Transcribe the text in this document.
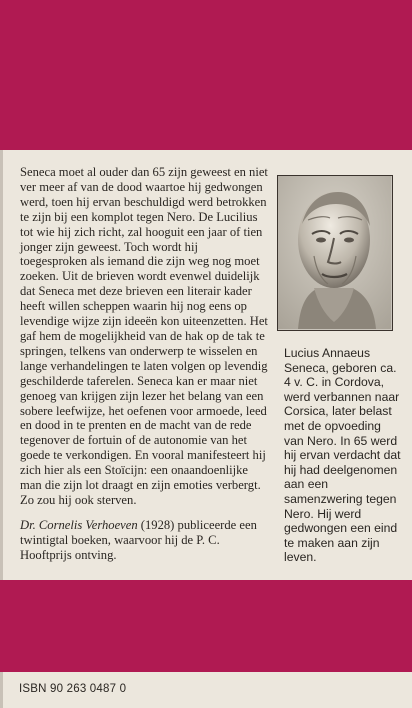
Seneca moet al ouder dan 65 zijn geweest en niet ver meer af van de dood waartoe hij gedwongen werd, toen hij ervan beschuldigd werd betrokken te zijn bij een komplot tegen Nero. De Lucilius tot wie hij zich richt, zal hooguit een jaar of tien jonger zijn geweest. Toch wordt hij toegesproken als iemand die zijn weg nog moet zoeken. Uit de brieven wordt evenwel duidelijk dat Seneca met deze brieven een literair kader heeft willen scheppen waarin hij nog eens op levendige wijze zijn ideeën kon uiteenzetten. Het gaf hem de mogelijkheid van de hak op de tak te springen, telkens van onderwerp te wisselen en lange verhandelingen te laten volgen op levendig geschilderde taferelen. Seneca kan er maar niet genoeg van krijgen zijn lezer het belang van een sobere leefwijze, het oefenen voor armoede, leed en dood in te prenten en de macht van de rede tegenover de fortuin of de autonomie van het goede te verkondigen. En vooral manifesteert hij zich hier als een Stoïcijn: een onaandoenlijke man die zijn lot draagt en zijn emoties verbergt. Zo zou hij ook sterven.

Dr. Cornelis Verhoeven (1928) publiceerde een twintigtal boeken, waarvoor hij de P. C. Hooftprijs ontving.

Lucius Annaeus Seneca, geboren ca. 4 v. C. in Cordova, werd verbannen naar Corsica, later belast met de opvoeding van Nero. In 65 werd hij ervan verdacht dat hij had deelgenomen aan een samenzwering tegen Nero. Hij werd gedwongen een eind te maken aan zijn leven.
ISBN 90 263 0487 0
